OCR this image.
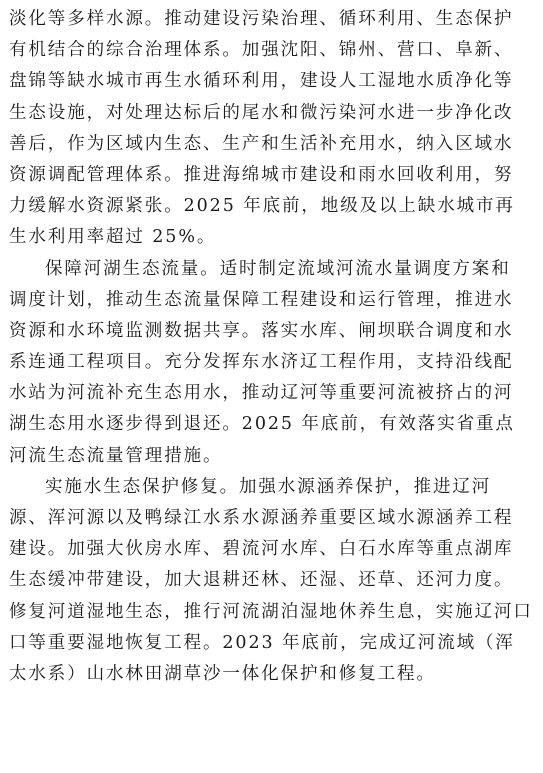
淡化等多样水源。推动建设污染治理、循环利用、生态保护
有机结合的综合治理体系。加强沈阳、锦州、营口、阜新、
盘锦等缺水城市再生水循环利用，建设人工湿地水质净化等
生态设施，对处理达标后的尾水和微污染河水进一步净化改
善后，作为区域内生态、生产和生活补充用水，纳入区域水
资源调配管理体系。推进海绵城市建设和雨水回收利用，努
力缓解水资源紧张。2025 年底前，地级及以上缺水城市再
生水利用率超过 25%。
保障河湖生态流量。适时制定流域河流水量调度方案和
调度计划，推动生态流量保障工程建设和运行管理，推进水
资源和水环境监测数据共享。落实水库、闸坝联合调度和水
系连通工程项目。充分发挥东水济辽工程作用，支持沿线配
水站为河流补充生态用水，推动辽河等重要河流被挤占的河
湖生态用水逐步得到退还。2025 年底前，有效落实省重点
河流生态流量管理措施。
实施水生态保护修复。加强水源涵养保护，推进辽河
源、浑河源以及鸭绿江水系水源涵养重要区域水源涵养工程
建设。加强大伙房水库、碧流河水库、白石水库等重点湖库
生态缓冲带建设，加大退耕还林、还湿、还草、还河力度。
修复河道湿地生态，推行河流湖泊湿地休养生息，实施辽河口
口等重要湿地恢复工程。2023 年底前，完成辽河流域（浑
太水系）山水林田湖草沙一体化保护和修复工程。
